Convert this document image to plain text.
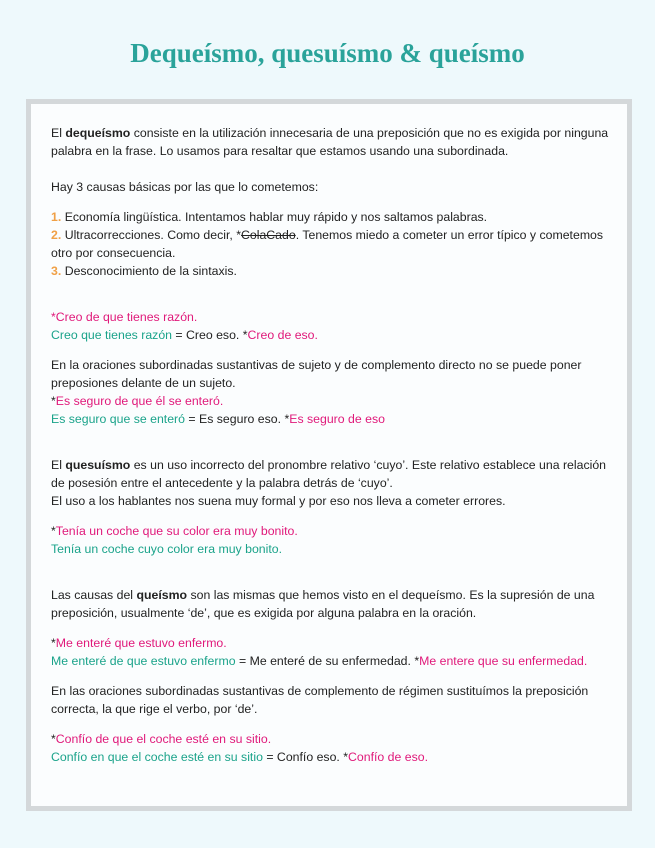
Dequeísmo, quesuísmo & queísmo

El dequeísmo consiste en la utilización innecesaria de una preposición que no es exigida por ninguna palabra en la frase. Lo usamos para resaltar que estamos usando una subordinada.

Hay 3 causas básicas por las que lo cometemos:

1. Economía lingüística. Intentamos hablar muy rápido y nos saltamos palabras.

2. Ultracorrecciones. Como decir, *ColaCado. Tenemos miedo a cometer un error típico y cometemos otro por consecuencia.

3. Desconocimiento de la sintaxis.

*Creo de que tienes razón.

Creo que tienes razón = Creo eso. *Creo de eso.

En la oraciones subordinadas sustantivas de sujeto y de complemento directo no se puede poner preposiones delante de un sujeto.

*Es seguro de que él se enteró.

Es seguro que se enteró = Es seguro eso. *Es seguro de eso

El quesuísmo es un uso incorrecto del pronombre relativo ‘cuyo’. Este relativo establece una relación de posesión entre el antecedente y la palabra detrás de ‘cuyo’.

El uso a los hablantes nos suena muy formal y por eso nos lleva a cometer errores.

*Tenía un coche que su color era muy bonito.

Tenía un coche cuyo color era muy bonito.

Las causas del queísmo son las mismas que hemos visto en el dequeísmo. Es la supresión de una preposición, usualmente ‘de’, que es exigida por alguna palabra en la oración.

*Me enteré que estuvo enfermo.

Me enteré de que estuvo enfermo = Me enteré de su enfermedad. *Me entere que su enfermedad.

En las oraciones subordinadas sustantivas de complemento de régimen sustituímos la preposición correcta, la que rige el verbo, por ‘de’.

*Confío de que el coche esté en su sitio.

Confío en que el coche esté en su sitio = Confío eso. *Confío de eso.
